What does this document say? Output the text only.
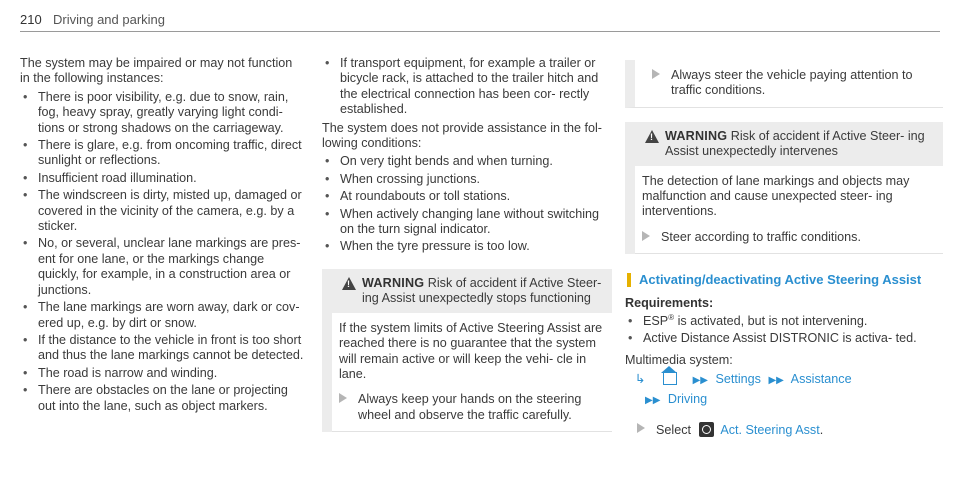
210 Driving and parking

The system may be impaired or may not function in the following instances:

• There is poor visibility, e.g. due to snow, rain, fog, heavy spray, greatly varying light condi- tions or strong shadows on the carriageway.
• There is glare, e.g. from oncoming traffic, direct sunlight or reflections.
• Insufficient road illumination.
• The windscreen is dirty, misted up, damaged or covered in the vicinity of the camera, e.g. by a sticker.
• No, or several, unclear lane markings are pres- ent for one lane, or the markings change quickly, for example, in a construction area or junctions.
• The lane markings are worn away, dark or cov- ered up, e.g. by dirt or snow.
• If the distance to the vehicle in front is too short and thus the lane markings cannot be detected.
• The road is narrow and winding.
• There are obstacles on the lane or projecting out into the lane, such as object markers.
• If transport equipment, for example a trailer or bicycle rack, is attached to the trailer hitch and the electrical connection has been cor- rectly established.

The system does not provide assistance in the fol- lowing conditions:

• On very tight bends and when turning.
• When crossing junctions.
• At roundabouts or toll stations.
• When actively changing lane without switching on the turn signal indicator.
• When the tyre pressure is too low.
!
WARNING Risk of accident if Active Steer- ing Assist unexpectedly stops functioning

If the system limits of Active Steering Assist are reached there is no guarantee that the system will remain active or will keep the vehi- cle in lane.

Always keep your hands on the steering wheel and observe the traffic carefully.
Always steer the vehicle paying attention to traffic conditions.
!
WARNING Risk of accident if Active Steer- ing Assist unexpectedly intervenes

The detection of lane markings and objects may malfunction and cause unexpected steer- ing interventions.

Steer according to traffic conditions.
Activating/deactivating Active Steering Assist

Requirements:

• ESP® is activated, but is not intervening.
• Active Distance Assist DISTRONIC is activa- ted.

Multimedia system:

↳	▶▶ Settings ▶▶ Assistance
▶▶ Driving
Select Act. Steering Asst.
